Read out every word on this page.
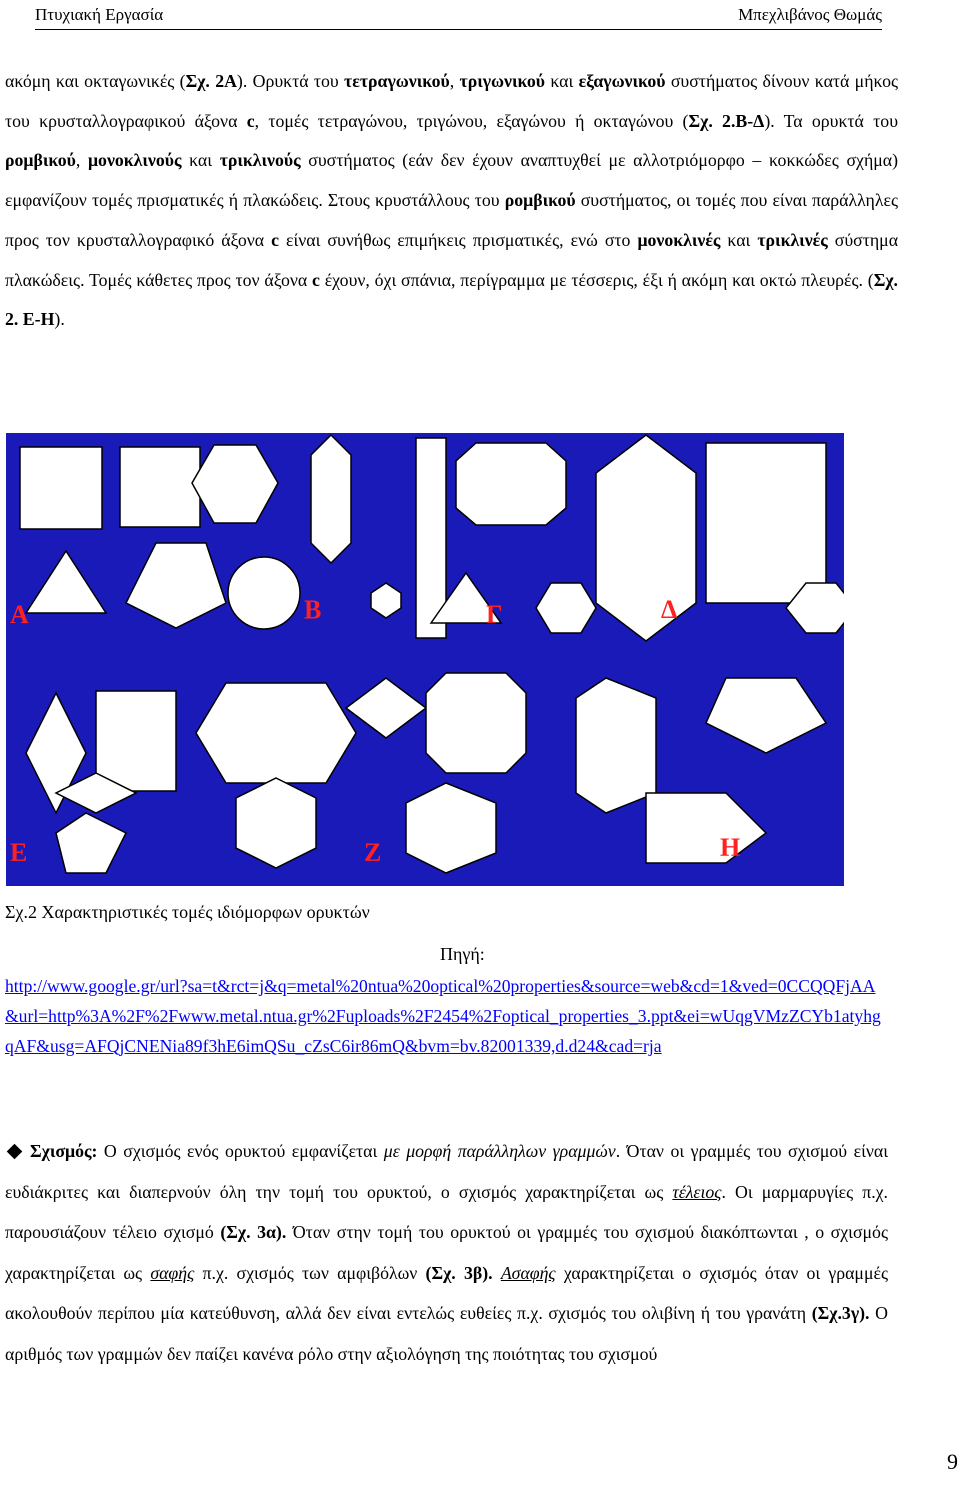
Πτυχιακή Εργασία	Μπεχλιβάνος Θωμάς
ακόμη και οκταγωνικές (Σχ. 2Α). Ορυκτά του τετραγωνικού, τριγωνικού και εξαγωνικού συστήματος δίνουν κατά μήκος του κρυσταλλογραφικού άξονα c, τομές τετραγώνου, τριγώνου, εξαγώνου ή οκταγώνου (Σχ. 2.Β-Δ). Τα ορυκτά του ρομβικού, μονοκλινούς και τρικλινούς συστήματος (εάν δεν έχουν αναπτυχθεί με αλλοτριόμορφο – κοκκώδες σχήμα) εμφανίζουν τομές πρισματικές ή πλακώδεις. Στους κρυστάλλους του ρομβικού συστήματος, οι τομές που είναι παράλληλες προς τον κρυσταλλογραφικό άξονα c είναι συνήθως επιμήκεις πρισματικές, ενώ στο μονοκλινές και τρικλινές σύστημα πλακώδεις. Τομές κάθετες προς τον άξονα c έχουν, όχι σπάνια, περίγραμμα με τέσσερις, έξι ή ακόμη και οκτώ πλευρές. (Σχ. 2. Ε-Η).
Α	Β	Γ	Δ
Ε	Ζ	Η
Σχ.2 Χαρακτηριστικές τομές ιδιόμορφων ορυκτών
Πηγή:
http://www.google.gr/url?sa=t&rct=j&q=metal%20ntua%20optical%20properties&source=web&cd=1&ved=0CCQQFjAA&url=http%3A%2F%2Fwww.metal.ntua.gr%2Fuploads%2F2454%2Foptical_properties_3.ppt&ei=wUqgVMzZCYb1atyhgqAF&usg=AFQjCNENia89f3hE6imQSu_cZsC6ir86mQ&bvm=bv.82001339,d.d24&cad=rja
Σχισμός: Ο σχισμός ενός ορυκτού εμφανίζεται με μορφή παράλληλων γραμμών. Όταν οι γραμμές του σχισμού είναι ευδιάκριτες και διαπερνούν όλη την τομή του ορυκτού, ο σχισμός χαρακτηρίζεται ως τέλειος. Οι μαρμαρυγίες π.χ. παρουσιάζουν τέλειο σχισμό (Σχ. 3α). Όταν στην τομή του ορυκτού οι γραμμές του σχισμού διακόπτωνται , ο σχισμός χαρακτηρίζεται ως σαφής π.χ. σχισμός των αμφιβόλων (Σχ. 3β). Ασαφής χαρακτηρίζεται ο σχισμός όταν οι γραμμές ακολουθούν περίπου μία κατεύθυνση, αλλά δεν είναι εντελώς ευθείες π.χ. σχισμός του ολιβίνη ή του γρανάτη (Σχ.3γ). Ο αριθμός των γραμμών δεν παίζει κανένα ρόλο στην αξιολόγηση της ποιότητας του σχισμού
9
